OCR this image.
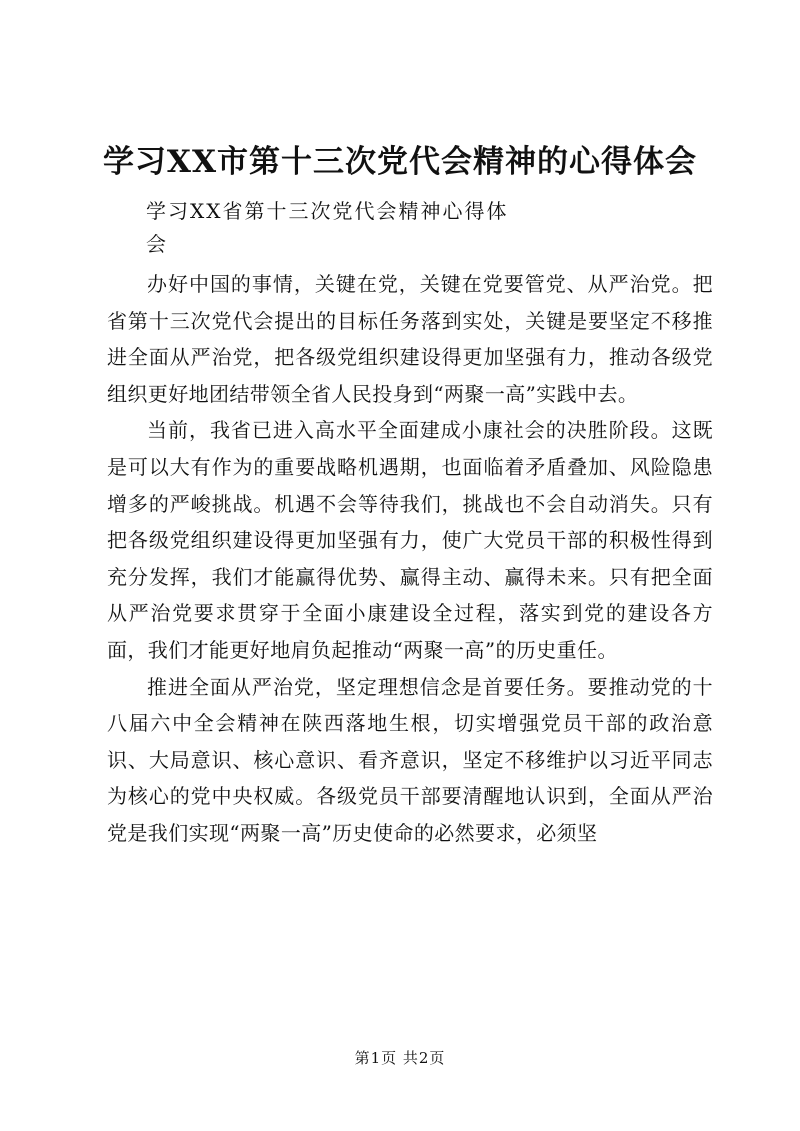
学习XX市第十三次党代会精神的心得体会
学习XX省第十三次党代会精神心得体
会

办好中国的事情，关键在党，关键在党要管党、从严治党。把省第十三次党代会提出的目标任务落到实处，关键是要坚定不移推进全面从严治党，把各级党组织建设得更加坚强有力，推动各级党组织更好地团结带领全省人民投身到“两聚一高”实践中去。

当前，我省已进入高水平全面建成小康社会的决胜阶段。这既是可以大有作为的重要战略机遇期，也面临着矛盾叠加、风险隐患增多的严峻挑战。机遇不会等待我们，挑战也不会自动消失。只有把各级党组织建设得更加坚强有力，使广大党员干部的积极性得到充分发挥，我们才能赢得优势、赢得主动、赢得未来。只有把全面从严治党要求贯穿于全面小康建设全过程，落实到党的建设各方面，我们才能更好地肩负起推动“两聚一高”的历史重任。

推进全面从严治党，坚定理想信念是首要任务。要推动党的十八届六中全会精神在陕西落地生根，切实增强党员干部的政治意识、大局意识、核心意识、看齐意识，坚定不移维护以习近平同志为核心的党中央权威。各级党员干部要清醒地认识到，全面从严治党是我们实现“两聚一高”历史使命的必然要求，必须坚

第1页 共2页
